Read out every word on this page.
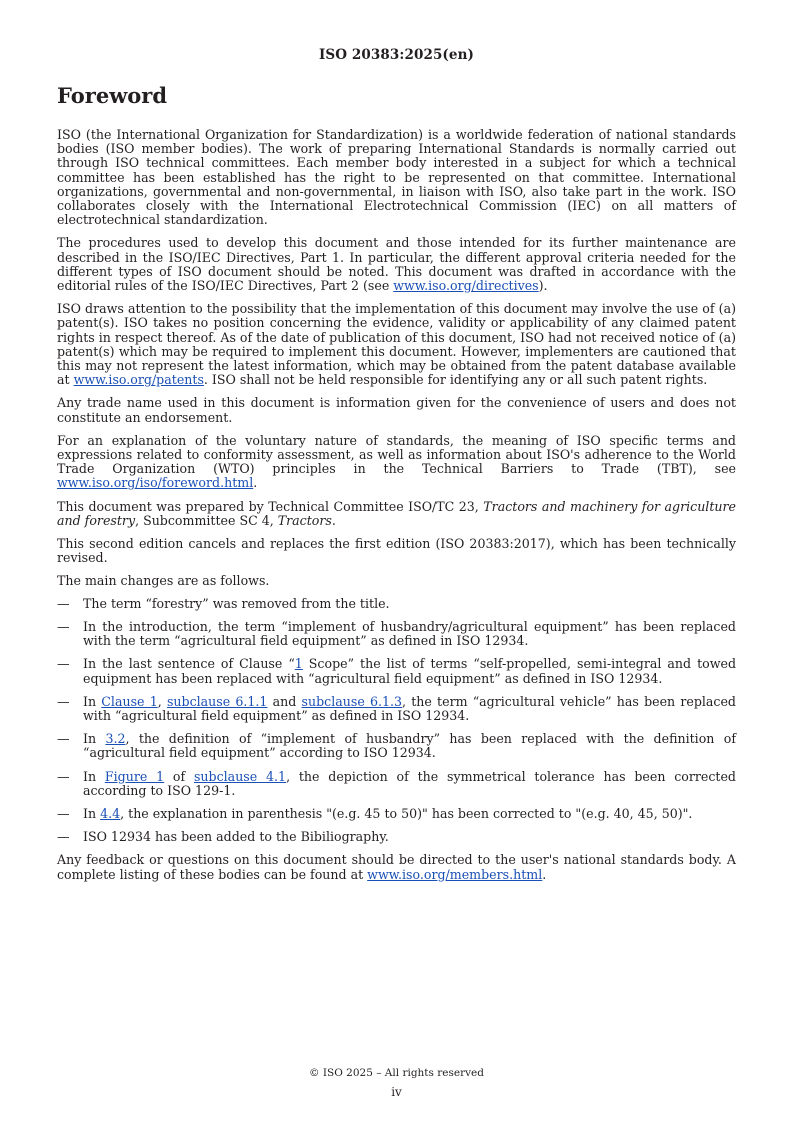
ISO 20383:2025(en)
Foreword

ISO (the International Organization for Standardization) is a worldwide federation of national standards bodies (ISO member bodies). The work of preparing International Standards is normally carried out through ISO technical committees. Each member body interested in a subject for which a technical committee has been established has the right to be represented on that committee. International organizations, governmental and non-governmental, in liaison with ISO, also take part in the work. ISO collaborates closely with the International Electrotechnical Commission (IEC) on all matters of electrotechnical standardization.

The procedures used to develop this document and those intended for its further maintenance are described in the ISO/IEC Directives, Part 1. In particular, the different approval criteria needed for the different types of ISO document should be noted. This document was drafted in accordance with the editorial rules of the ISO/IEC Directives, Part 2 (see www.iso.org/directives).

ISO draws attention to the possibility that the implementation of this document may involve the use of (a) patent(s). ISO takes no position concerning the evidence, validity or applicability of any claimed patent rights in respect thereof. As of the date of publication of this document, ISO had not received notice of (a) patent(s) which may be required to implement this document. However, implementers are cautioned that this may not represent the latest information, which may be obtained from the patent database available at www.iso.org/patents. ISO shall not be held responsible for identifying any or all such patent rights.

Any trade name used in this document is information given for the convenience of users and does not constitute an endorsement.

For an explanation of the voluntary nature of standards, the meaning of ISO specific terms and expressions related to conformity assessment, as well as information about ISO's adherence to the World Trade Organization (WTO) principles in the Technical Barriers to Trade (TBT), see www.iso.org/iso/foreword.html.

This document was prepared by Technical Committee ISO/TC 23, Tractors and machinery for agriculture and forestry, Subcommittee SC 4, Tractors.

This second edition cancels and replaces the first edition (ISO 20383:2017), which has been technically revised.

The main changes are as follows.

— The term “forestry” was removed from the title.
— In the introduction, the term “implement of husbandry/agricultural equipment” has been replaced with the term “agricultural field equipment” as defined in ISO 12934.
— In the last sentence of Clause “1 Scope” the list of terms “self-propelled, semi-integral and towed equipment has been replaced with “agricultural field equipment” as defined in ISO 12934.
— In Clause 1, subclause 6.1.1 and subclause 6.1.3, the term “agricultural vehicle” has been replaced with “agricultural field equipment” as defined in ISO 12934.
— In 3.2, the definition of “implement of husbandry” has been replaced with the definition of “agricultural field equipment” according to ISO 12934.
— In Figure 1 of subclause 4.1, the depiction of the symmetrical tolerance has been corrected according to ISO 129-1.
— In 4.4, the explanation in parenthesis "(e.g. 45 to 50)" has been corrected to "(e.g. 40, 45, 50)".
— ISO 12934 has been added to the Bibiliography.

Any feedback or questions on this document should be directed to the user's national standards body. A complete listing of these bodies can be found at www.iso.org/members.html.

© ISO 2025 – All rights reserved
iv
